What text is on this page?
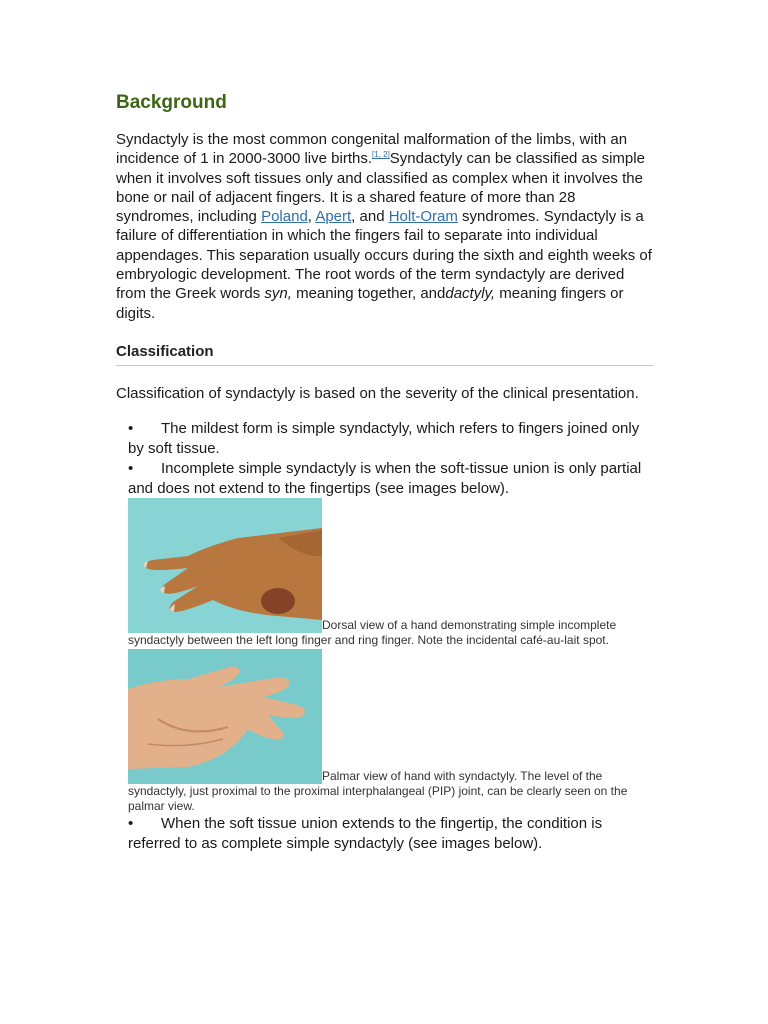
Background

Syndactyly is the most common congenital malformation of the limbs, with an incidence of 1 in 2000-3000 live births.[1, 2]Syndactyly can be classified as simple when it involves soft tissues only and classified as complex when it involves the bone or nail of adjacent fingers. It is a shared feature of more than 28 syndromes, including Poland, Apert, and Holt-Oram syndromes. Syndactyly is a failure of differentiation in which the fingers fail to separate into individual appendages. This separation usually occurs during the sixth and eighth weeks of embryologic development. The root words of the term syndactyly are derived from the Greek words syn, meaning together, anddactyly, meaning fingers or digits.

Classification

Classification of syndactyly is based on the severity of the clinical presentation.

• The mildest form is simple syndactyly, which refers to fingers joined only by soft tissue.
• Incomplete simple syndactyly is when the soft-tissue union is only partial and does not extend to the fingertips (see images below).
Dorsal view of a hand demonstrating simple incomplete syndactyly between the left long finger and ring finger. Note the incidental café-au-lait spot.
Palmar view of hand with syndactyly. The level of the syndactyly, just proximal to the proximal interphalangeal (PIP) joint, can be clearly seen on the palmar view.
• When the soft tissue union extends to the fingertip, the condition is referred to as complete simple syndactyly (see images below).
